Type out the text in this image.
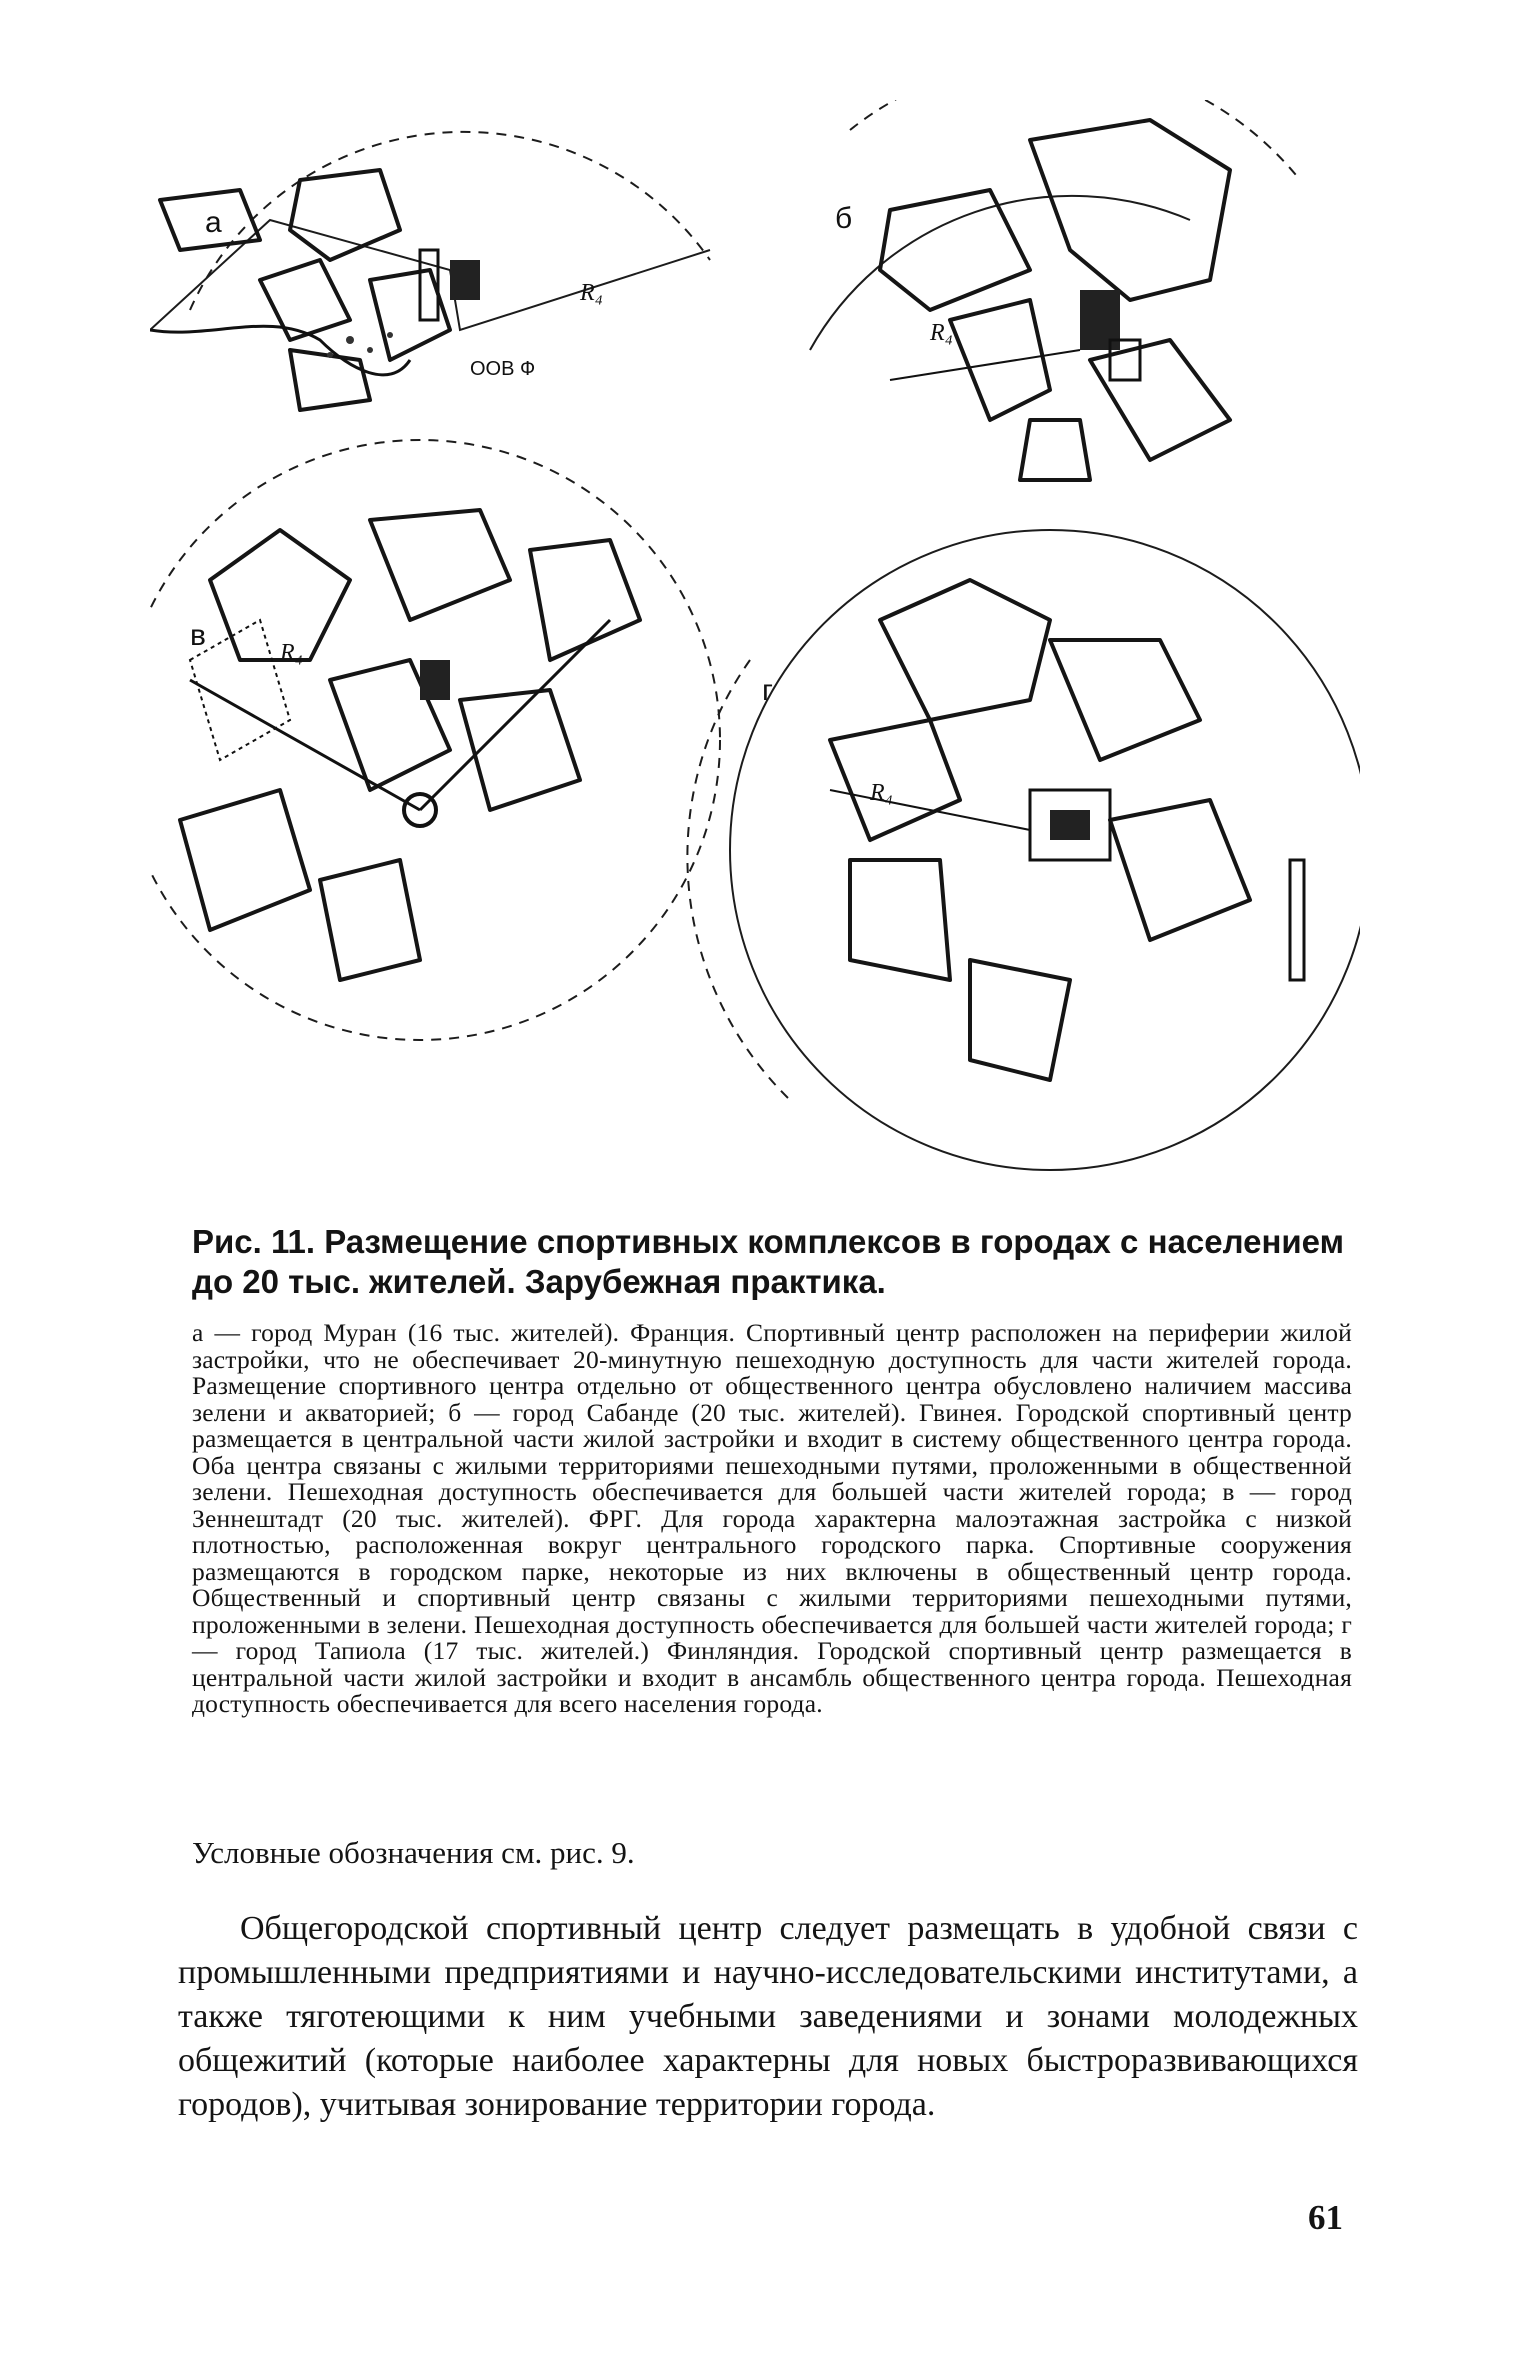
а
R₄
ООВ Ф
б
R₄
в
R₄
г
R₄

Рис. 11. Размещение спортивных комплексов в городах с населением до 20 тыс. жителей. Зарубежная практика.

а — город Муран (16 тыс. жителей). Франция. Спортивный центр расположен на периферии жилой застройки, что не обеспечивает 20-минутную пешеходную доступность для части жителей города. Размещение спортивного центра отдельно от общественного центра обусловлено наличием массива зелени и акваторией; б — город Сабанде (20 тыс. жителей). Гвинея. Городской спортивный центр размещается в центральной части жилой застройки и входит в систему общественного центра города. Оба центра связаны с жилыми территориями пешеходными путями, проложенными в общественной зелени. Пешеходная доступность обеспечивается для большей части жителей города; в — город Зеннештадт (20 тыс. жителей). ФРГ. Для города характерна малоэтажная застройка с низкой плотностью, расположенная вокруг центрального городского парка. Спортивные сооружения размещаются в городском парке, некоторые из них включены в общественный центр города. Общественный и спортивный центр связаны с жилыми территориями пешеходными путями, проложенными в зелени. Пешеходная доступность обеспечивается для большей части жителей города; г — город Тапиола (17 тыс. жителей.) Финляндия. Городской спортивный центр размещается в центральной части жилой застройки и входит в ансамбль общественного центра города. Пешеходная доступность обеспечивается для всего населения города.

Условные обозначения см. рис. 9.

Общегородской спортивный центр следует размещать в удобной связи с промышленными предприятиями и научно-исследовательскими институтами, а также тяготеющими к ним учебными заведениями и зонами молодежных общежитий (которые наиболее характерны для новых быстроразвивающихся городов), учитывая зонирование территории города.

61
